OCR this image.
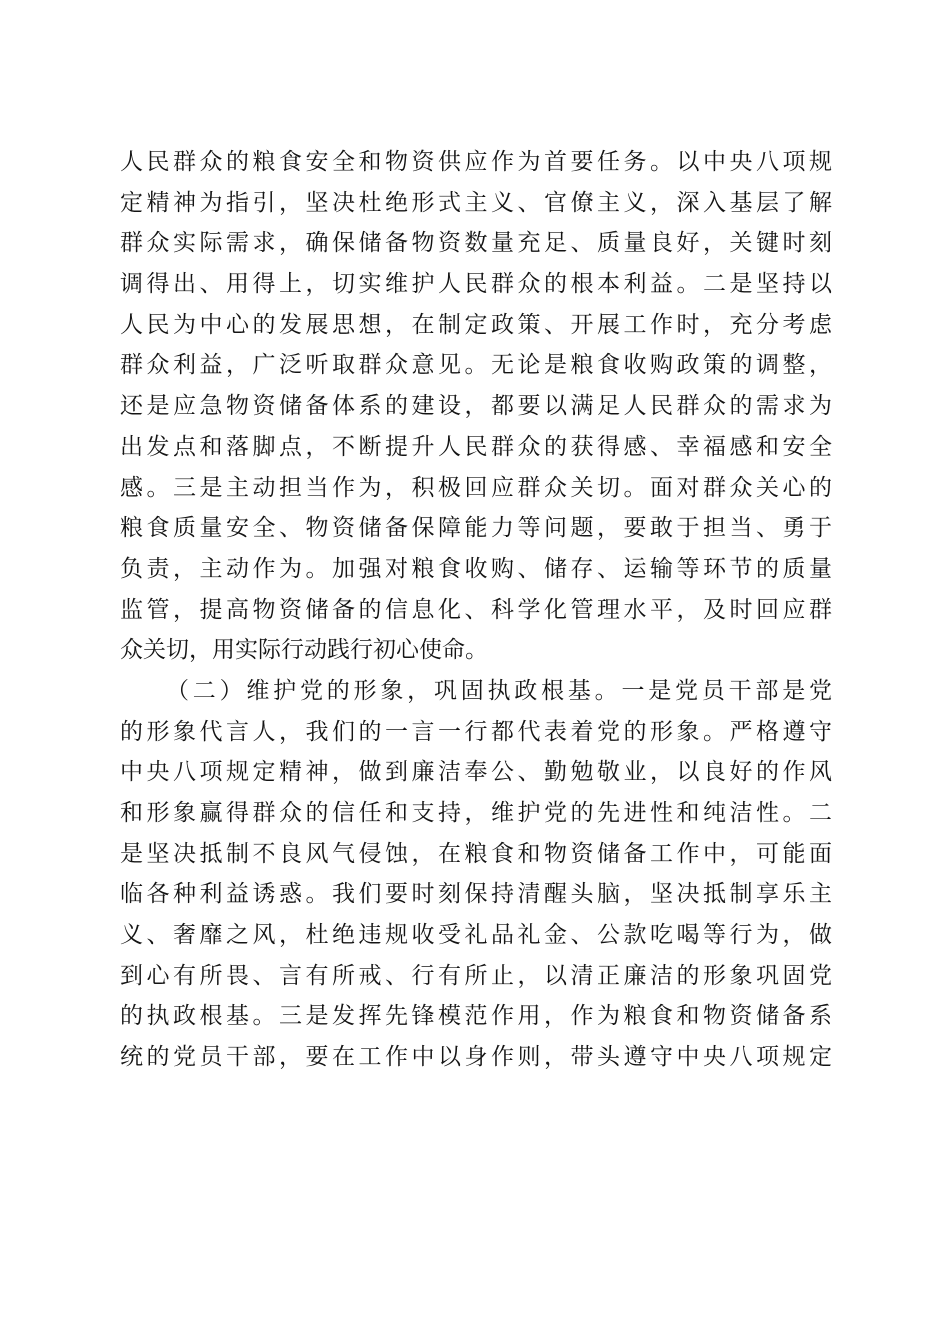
人民群众的粮食安全和物资供应作为首要任务。以中央八项规
定精神为指引，坚决杜绝形式主义、官僚主义，深入基层了解
群众实际需求，确保储备物资数量充足、质量良好，关键时刻
调得出、用得上，切实维护人民群众的根本利益。二是坚持以
人民为中心的发展思想，在制定政策、开展工作时，充分考虑
群众利益，广泛听取群众意见。无论是粮食收购政策的调整，
还是应急物资储备体系的建设，都要以满足人民群众的需求为
出发点和落脚点，不断提升人民群众的获得感、幸福感和安全
感。三是主动担当作为，积极回应群众关切。面对群众关心的
粮食质量安全、物资储备保障能力等问题，要敢于担当、勇于
负责，主动作为。加强对粮食收购、储存、运输等环节的质量
监管，提高物资储备的信息化、科学化管理水平，及时回应群
众关切，用实际行动践行初心使命。
（二）维护党的形象，巩固执政根基。一是党员干部是党
的形象代言人，我们的一言一行都代表着党的形象。严格遵守
中央八项规定精神，做到廉洁奉公、勤勉敬业，以良好的作风
和形象赢得群众的信任和支持，维护党的先进性和纯洁性。二
是坚决抵制不良风气侵蚀，在粮食和物资储备工作中，可能面
临各种利益诱惑。我们要时刻保持清醒头脑，坚决抵制享乐主
义、奢靡之风，杜绝违规收受礼品礼金、公款吃喝等行为，做
到心有所畏、言有所戒、行有所止，以清正廉洁的形象巩固党
的执政根基。三是发挥先锋模范作用，作为粮食和物资储备系
统的党员干部，要在工作中以身作则，带头遵守中央八项规定
